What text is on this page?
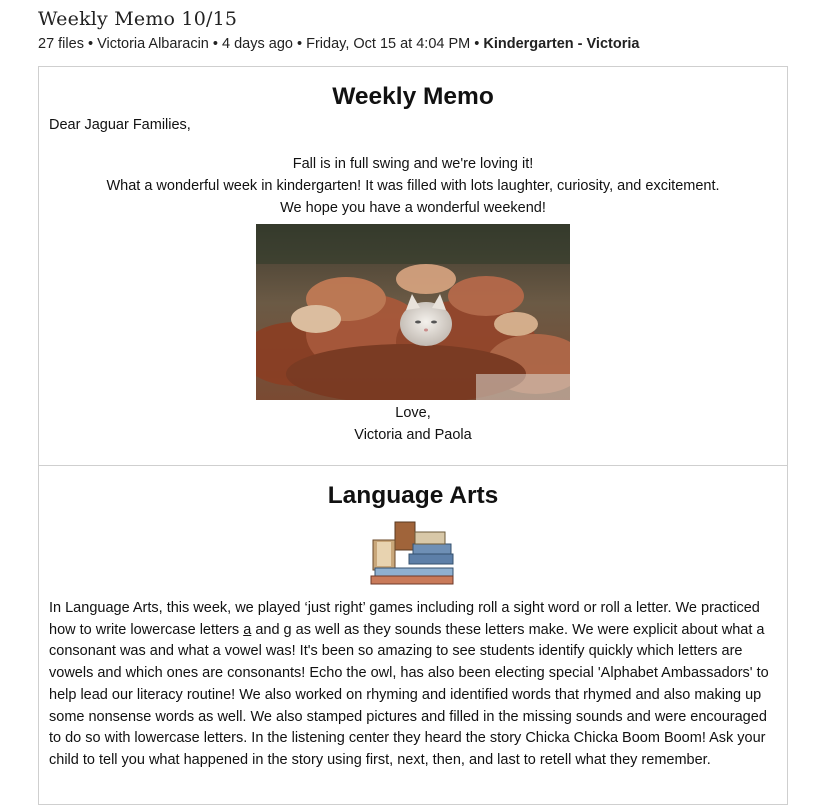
Weekly Memo 10/15
27 files • Victoria Albaracin • 4 days ago • Friday, Oct 15 at 4:04 PM • Kindergarten - Victoria
Weekly Memo
Dear Jaguar Families,
Fall is in full swing and we're loving it!
What a wonderful week in kindergarten! It was filled with lots laughter, curiosity, and excitement.
We hope you have a wonderful weekend!
Love,
Victoria and Paola
Language Arts

In Language Arts, this week, we played ‘just right’ games including roll a sight word or roll a letter. We practiced how to write lowercase letters a and g as well as they sounds these letters make. We were explicit about what a consonant was and what a vowel was! It's been so amazing to see students identify quickly which letters are vowels and which ones are consonants! Echo the owl, has also been electing special 'Alphabet Ambassadors' to help lead our literacy routine! We also worked on rhyming and identified words that rhymed and also making up some nonsense words as well. We also stamped pictures and filled in the missing sounds and were encouraged to do so with lowercase letters. In the listening center they heard the story Chicka Chicka Boom Boom! Ask your child to tell you what happened in the story using first, next, then, and last to retell what they remember.
